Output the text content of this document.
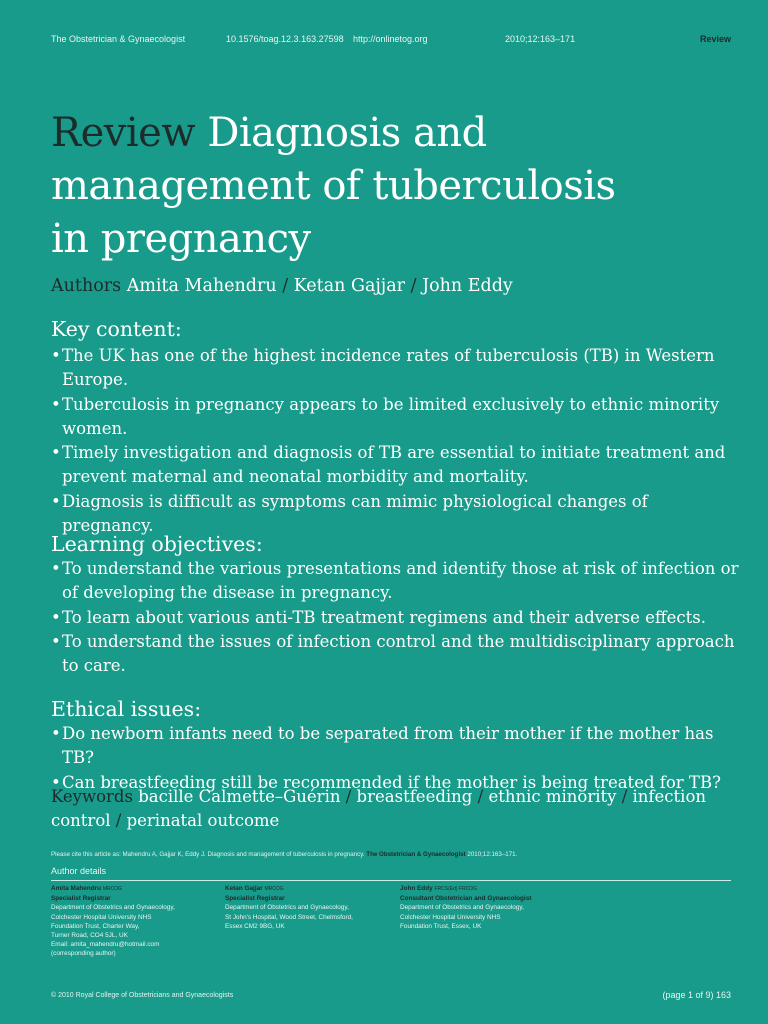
The Obstetrician & Gynaecologist	10.1576/toag.12.3.163.27598 http://onlinetog.org	2010;12:163–171	Review
Review Diagnosis and
management of tuberculosis
in pregnancy
Authors Amita Mahendru / Ketan Gajjar / John Eddy
Key content:
• The UK has one of the highest incidence rates of tuberculosis (TB) in Western Europe.
• Tuberculosis in pregnancy appears to be limited exclusively to ethnic minority women.
• Timely investigation and diagnosis of TB are essential to initiate treatment and prevent maternal and neonatal morbidity and mortality.
• Diagnosis is difficult as symptoms can mimic physiological changes of pregnancy.
Learning objectives:
• To understand the various presentations and identify those at risk of infection or of developing the disease in pregnancy.
• To learn about various anti-TB treatment regimens and their adverse effects.
• To understand the issues of infection control and the multidisciplinary approach to care.
Ethical issues:
• Do newborn infants need to be separated from their mother if the mother has TB?
• Can breastfeeding still be recommended if the mother is being treated for TB?
Keywords bacille Calmette–Guérin / breastfeeding / ethnic minority / infection control / perinatal outcome
Please cite this article as: Mahendru A, Gajjar K, Eddy J. Diagnosis and management of tuberculosis in pregnancy. The Obstetrician & Gynaecologist 2010;12:163–171.
Author details
Amita Mahendru MRCOG
Specialist Registrar
Department of Obstetrics and Gynaecology,
Colchester Hospital University NHS
Foundation Trust, Charter Way,
Turner Road, CO4 5JL, UK
Email: amita_mahendru@hotmail.com
(corresponding author)
Ketan Gajjar MRCOG
Specialist Registrar
Department of Obstetrics and Gynaecology,
St John's Hospital, Wood Street, Chelmsford,
Essex CM2 9BG, UK
John Eddy FRCS(Ed) FRCOG
Consultant Obstetrician and Gynaecologist
Department of Obstetrics and Gynaecology,
Colchester Hospital University NHS
Foundation Trust, Essex, UK
© 2010 Royal College of Obstetricians and Gynaecologists	(page 1 of 9) 163
